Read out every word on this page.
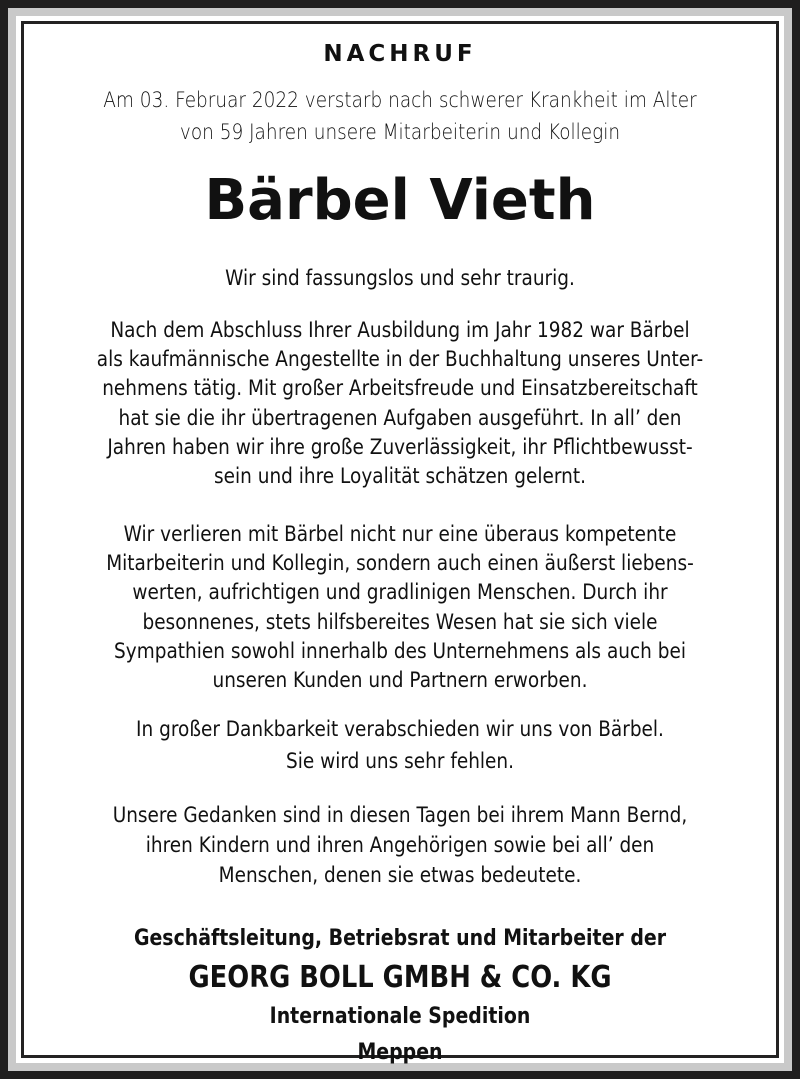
NACHRUF
Am 03. Februar 2022 verstarb nach schwerer Krankheit im Alter
von 59 Jahren unsere Mitarbeiterin und Kollegin
Bärbel Vieth
Wir sind fassungslos und sehr traurig.
Nach dem Abschluss Ihrer Ausbildung im Jahr 1982 war Bärbel
als kaufmännische Angestellte in der Buchhaltung unseres Unter-
nehmens tätig. Mit großer Arbeitsfreude und Einsatzbereitschaft
hat sie die ihr übertragenen Aufgaben ausgeführt. In all’ den
Jahren haben wir ihre große Zuverlässigkeit, ihr Pflichtbewusst-
sein und ihre Loyalität schätzen gelernt.
Wir verlieren mit Bärbel nicht nur eine überaus kompetente
Mitarbeiterin und Kollegin, sondern auch einen äußerst liebens-
werten, aufrichtigen und gradlinigen Menschen. Durch ihr
besonnenes, stets hilfsbereites Wesen hat sie sich viele
Sympathien sowohl innerhalb des Unternehmens als auch bei
unseren Kunden und Partnern erworben.
In großer Dankbarkeit verabschieden wir uns von Bärbel.
Sie wird uns sehr fehlen.
Unsere Gedanken sind in diesen Tagen bei ihrem Mann Bernd,
ihren Kindern und ihren Angehörigen sowie bei all’ den
Menschen, denen sie etwas bedeutete.
Geschäftsleitung, Betriebsrat und Mitarbeiter der
GEORG BOLL GMBH & CO. KG
Internationale Spedition
Meppen
